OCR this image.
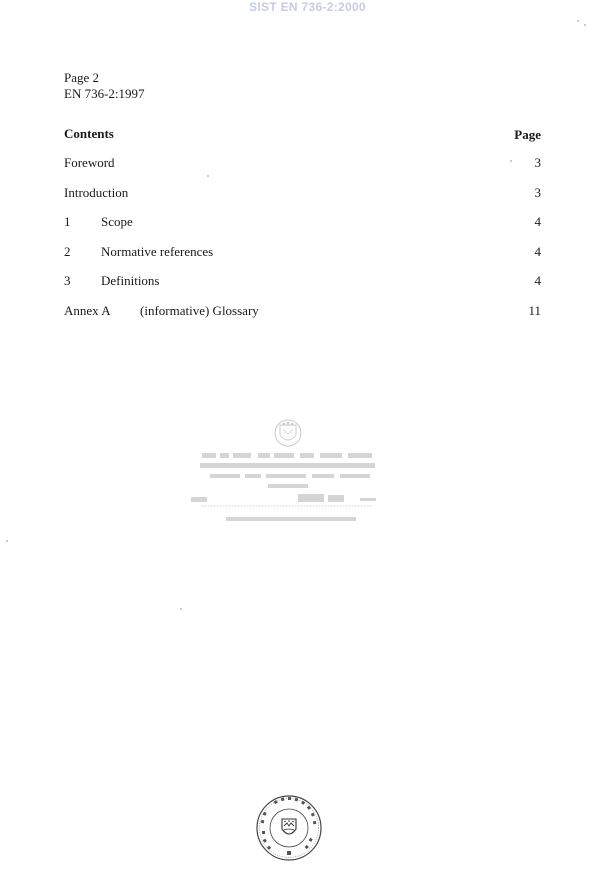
SIST EN 736-2:2000
Page 2
EN 736-2:1997
Contents	Page
Foreword	3
Introduction	3
1 Scope	4
2 Normative references	4
3 Definitions	4
Annex A (informative) Glossary	11
